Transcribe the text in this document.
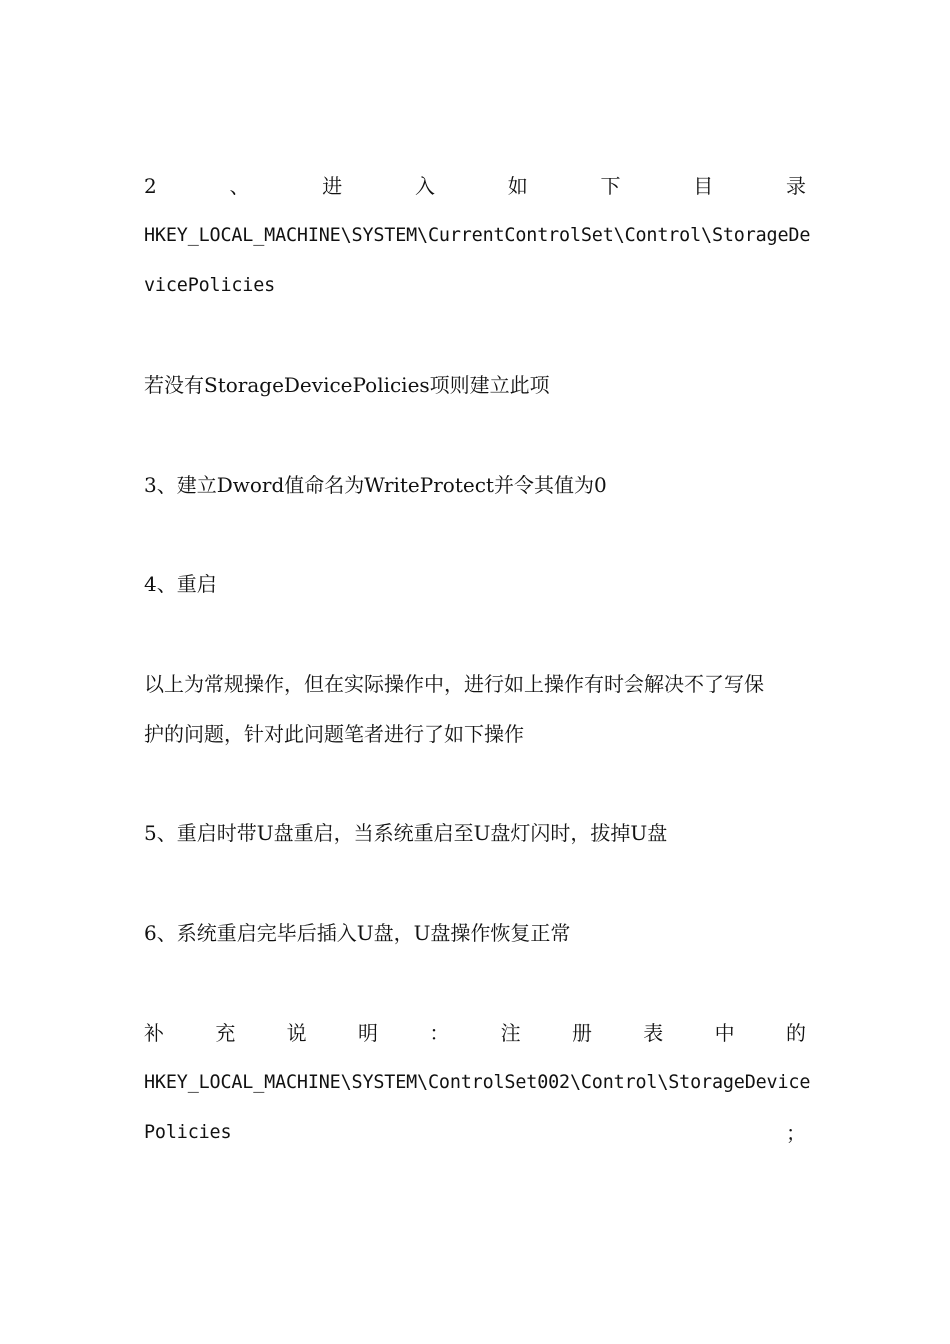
2	、	进	入	如	下	目	录
HKEY_LOCAL_MACHINE\SYSTEM\CurrentControlSet\Control\StorageDe
vicePolicies
若没有StorageDevicePolicies项则建立此项
3、建立Dword值命名为WriteProtect并令其值为0
4、重启
以上为常规操作，但在实际操作中，进行如上操作有时会解决不了写保
护的问题，针对此问题笔者进行了如下操作
5、重启时带U盘重启，当系统重启至U盘灯闪时，拔掉U盘
6、系统重启完毕后插入U盘，U盘操作恢复正常
补	充	说	明	：	注	册	表	中	的
HKEY_LOCAL_MACHINE\SYSTEM\ControlSet002\Control\StorageDevice
Policies	；
